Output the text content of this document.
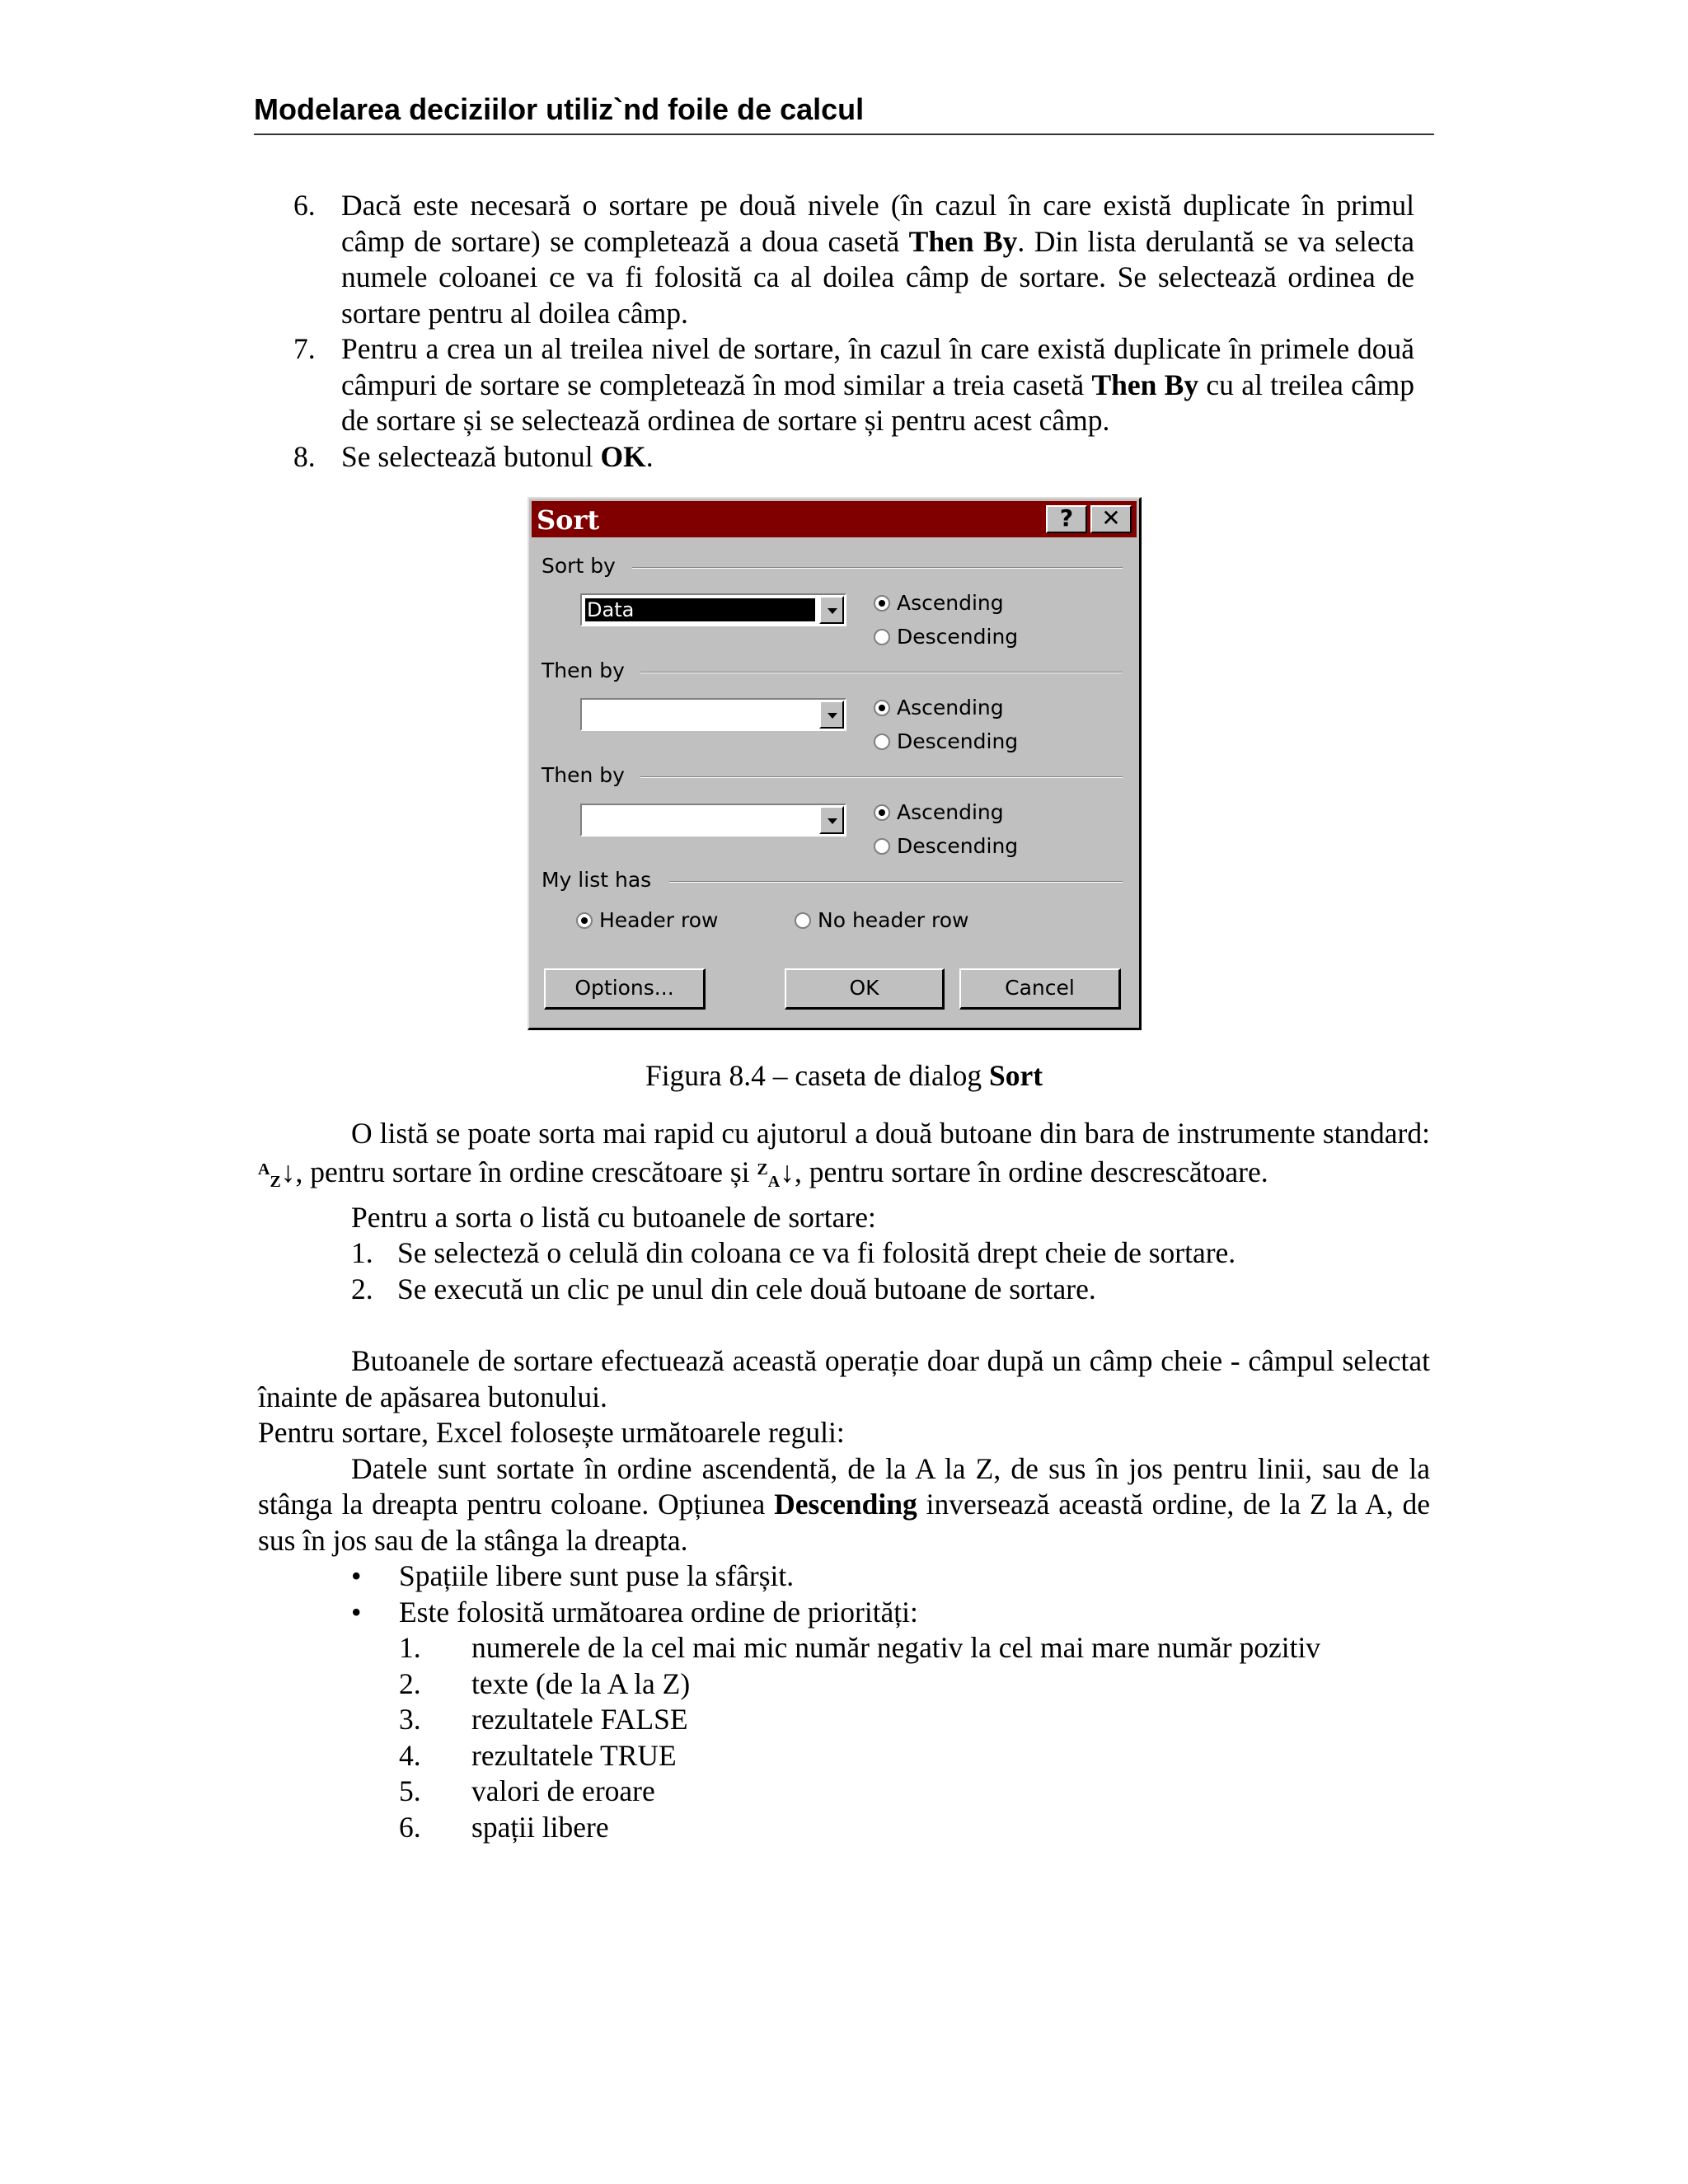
Modelarea deciziilor utiliz`nd foile de calcul
6. Dacă este necesară o sortare pe două nivele (în cazul în care există duplicate în primul câmp de sortare) se completează a doua casetă Then By. Din lista derulantă se va selecta numele coloanei ce va fi folosită ca al doilea câmp de sortare. Se selectează ordinea de sortare pentru al doilea câmp.
7. Pentru a crea un al treilea nivel de sortare, în cazul în care există duplicate în primele două câmpuri de sortare se completează în mod similar a treia casetă Then By cu al treilea câmp de sortare și se selectează ordinea de sortare și pentru acest câmp.
8. Se selectează butonul OK.
Sort	?	✕
Sort by
Data	Ascending
Descending
Then by
Ascending
Descending
Then by
Ascending
Descending
My list has
Header row	No header row
Options...	OK	Cancel
Figura 8.4 – caseta de dialog Sort
O listă se poate sorta mai rapid cu ajutorul a două butoane din bara de instrumente standard: $^A_Z$↓, pentru sortare în ordine crescătoare și $^Z_A$↓, pentru sortare în ordine descrescătoare.
Pentru a sorta o listă cu butoanele de sortare:
1. Se selecteză o celulă din coloana ce va fi folosită drept cheie de sortare.
2. Se execută un clic pe unul din cele două butoane de sortare.
Butoanele de sortare efectuează această operație doar după un câmp cheie - câmpul selectat înainte de apăsarea butonului.
Pentru sortare, Excel folosește următoarele reguli:
Datele sunt sortate în ordine ascendentă, de la A la Z, de sus în jos pentru linii, sau de la stânga la dreapta pentru coloane. Opțiunea Descending inversează această ordine, de la Z la A, de sus în jos sau de la stânga la dreapta.
•	Spațiile libere sunt puse la sfârșit.
•	Este folosită următoarea ordine de priorități:
1.	numerele de la cel mai mic număr negativ la cel mai mare număr pozitiv
2.	texte (de la A la Z)
3.	rezultatele FALSE
4.	rezultatele TRUE
5.	valori de eroare
6.	spații libere
